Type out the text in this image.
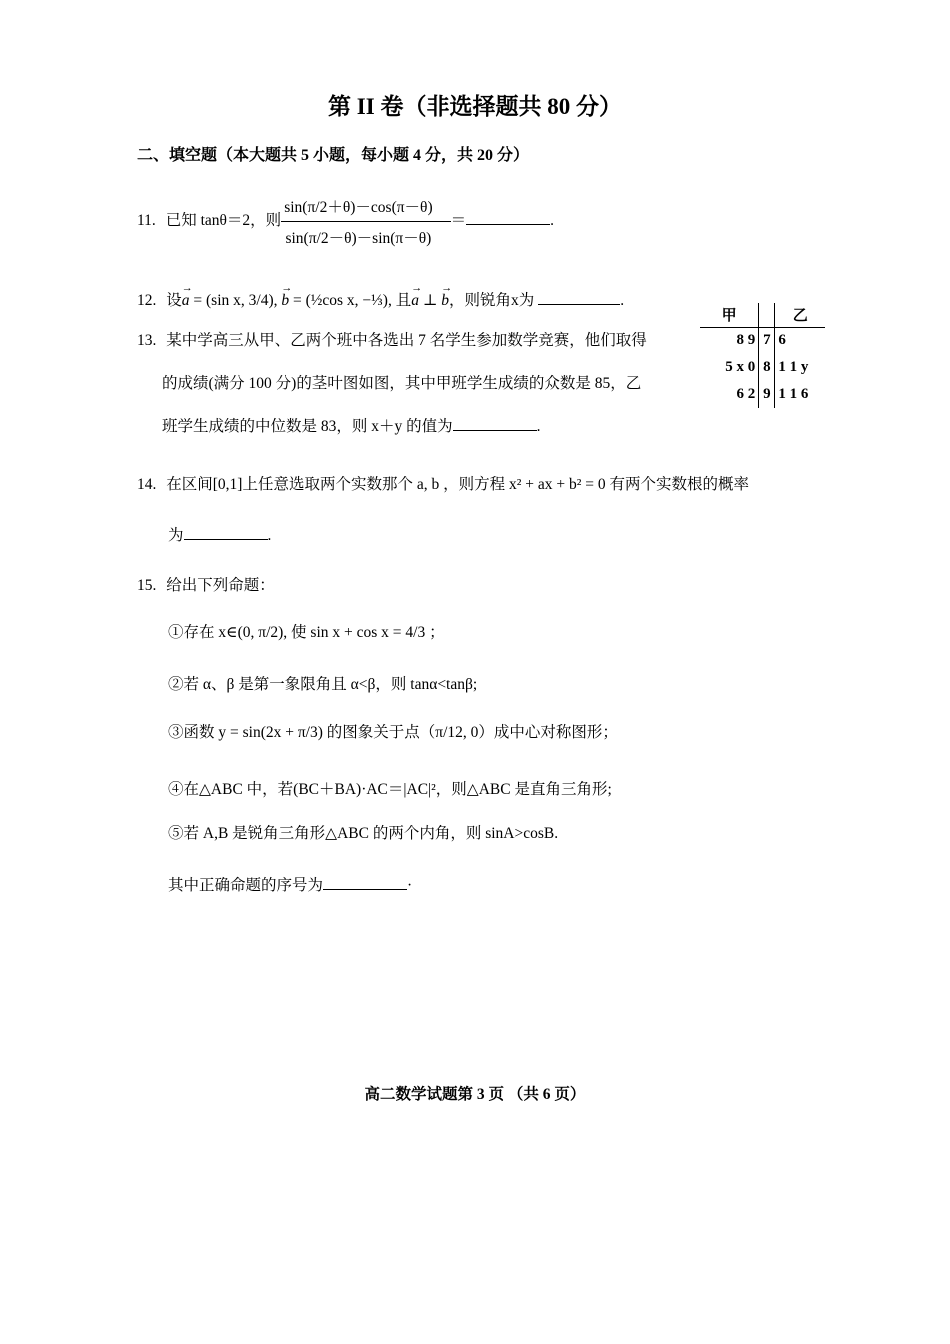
第 II 卷（非选择题共 80 分）
二、填空题（本大题共 5 小题，每小题 4 分，共 20 分）
11. 已知 tanθ＝2，则 $\frac{\sin(\pi/2+\theta)-\cos(\pi-\theta)}{\sin(\pi/2-\theta)-\sin(\pi-\theta)}$ ＝	.
12. 设→ a = (sin x, 3/4), → b = (½cos x, −⅓), 且→ a ⊥ → b，则锐角x为	.
13. 某中学高三从甲、乙两个班中各选出 7 名学生参加数学竞赛，他们取得
的成绩(满分 100 分)的茎叶图如图，其中甲班学生成绩的众数是 85，乙
班学生成绩的中位数是 83，则 x＋y 的值为	.
甲		乙
8 9	7	6
5 x 0	8	1 1 y
6 2	9	1 1 6
14. 在区间[0,1]上任意选取两个实数那个 a, b ，则方程 x² + ax + b² = 0 有两个实数根的概率
为	.
15. 给出下列命题：
①存在 x∈(0, π/2), 使 sin x + cos x = 4/3 ；
②若 α、β 是第一象限角且 α<β，则 tanα<tanβ;
③函数 y = sin(2x + π/3) 的图象关于点（π/12, 0）成中心对称图形；
④在△ABC 中，若(BC＋BA)·AC＝|AC|²，则△ABC 是直角三角形;
⑤若 A,B 是锐角三角形△ABC 的两个内角，则 sinA>cosB.
其中正确命题的序号为	·
高二数学试题第 3 页 （共 6 页）
